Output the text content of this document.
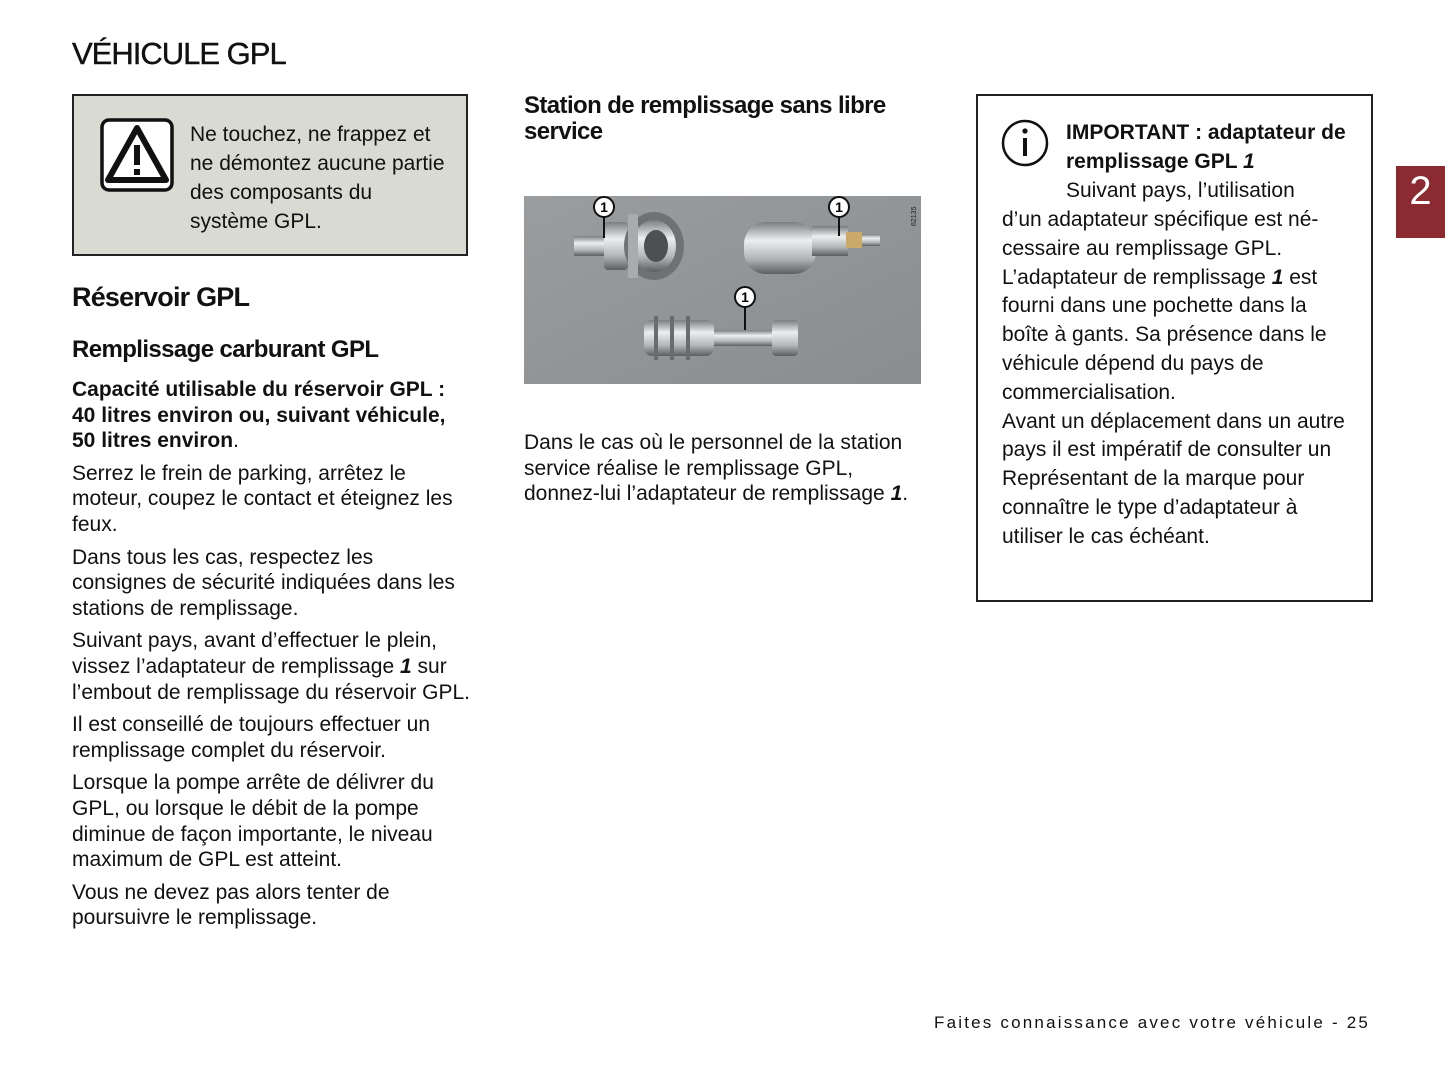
VÉHICULE GPL
Ne touchez, ne frappez et ne démontez aucune partie des composants du système GPL.
Réservoir GPL
Remplissage carburant GPL

Capacité utilisable du réservoir GPL : 40 litres environ ou, suivant véhicule, 50 litres environ.

Serrez le frein de parking, arrêtez le moteur, coupez le contact et éteignez les feux.

Dans tous les cas, respectez les consignes de sécurité indiquées dans les stations de remplissage.

Suivant pays, avant d’effectuer le plein, vissez l’adaptateur de remplissage 1 sur l’embout de remplissage du réservoir GPL.

Il est conseillé de toujours effectuer un remplissage complet du réservoir.

Lorsque la pompe arrête de délivrer du GPL, ou lorsque le débit de la pompe diminue de façon importante, le niveau maximum de GPL est atteint.

Vous ne devez pas alors tenter de poursuivre le remplissage.

Station de remplissage sans libre service
1	1
1
62135

Dans le cas où le personnel de la station service réalise le remplissage GPL, donnez-lui l’adaptateur de remplissage 1.

IMPORTANT : adaptateur de remplissage GPL 1
Suivant pays, l’utilisation

d’un adaptateur spécifique est nécessaire au remplissage GPL.

L’adaptateur de remplissage 1 est fourni dans une pochette dans la boîte à gants. Sa présence dans le véhicule dépend du pays de commercialisation.

Avant un déplacement dans un autre pays il est impératif de consulter un Représentant de la marque pour connaître le type d’adaptateur à utiliser le cas échéant.

2
Faites connaissance avec votre véhicule - 25
